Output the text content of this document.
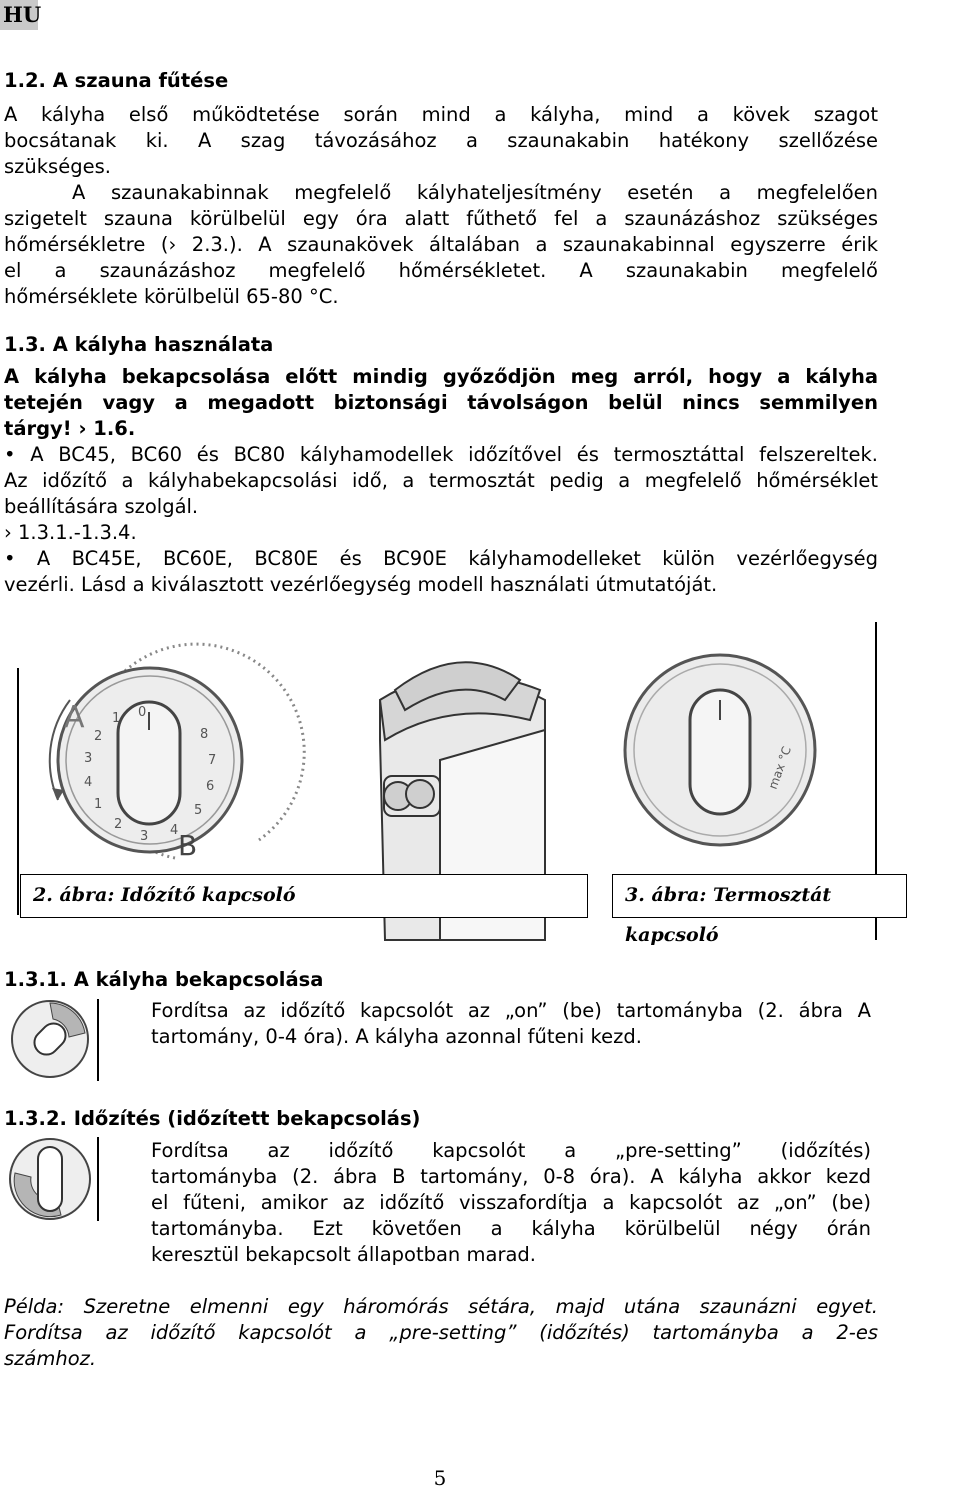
HU
1.2. A szauna fűtése
A kályha első működtetése során mind a kályha, mind a kövek szagot
bocsátanak ki. A szag távozásához a szaunakabin hatékony szellőzése
szükséges.
A szaunakabinnak megfelelő kályhateljesítmény esetén a megfelelően
szigetelt szauna körülbelül egy óra alatt fűthető fel a szaunázáshoz szükséges
hőmérsékletre (› 2.3.). A szaunakövek általában a szaunakabinnal egyszerre érik
el a szaunázáshoz megfelelő hőmérsékletet. A szaunakabin megfelelő
hőmérséklete körülbelül 65-80 °C.
1.3. A kályha használata
A kályha bekapcsolása előtt mindig győződjön meg arról, hogy a kályha
tetején vagy a megadott biztonsági távolságon belül nincs semmilyen
tárgy! › 1.6.
• A BC45, BC60 és BC80 kályhamodellek időzítővel és termosztáttal felszereltek.
Az időzítő a kályhabekapcsolási idő, a termosztát pedig a megfelelő hőmérséklet
beállítására szolgál.
› 1.3.1.-1.3.4.
• A BC45E, BC60E, BC80E és BC90E kályhamodelleket külön vezérlőegység
vezérli. Lásd a kiválasztott vezérlőegység modell használati útmutatóját.
A
B
0
1
2
3
4
1
2
3 4
5
6
7
8
max °C
2. ábra: Időzítő kapcsoló	3. ábra: Termosztát kapcsoló
1.3.1. A kályha bekapcsolása
Fordítsa az időzítő kapcsolót az „on” (be) tartományba (2. ábra A
tartomány, 0-4 óra). A kályha azonnal fűteni kezd.
1.3.2. Időzítés (időzített bekapcsolás)
Fordítsa az időzítő kapcsolót a „pre-setting” (időzítés)
tartományba (2. ábra B tartomány, 0-8 óra). A kályha akkor kezd
el fűteni, amikor az időzítő visszafordítja a kapcsolót az „on” (be)
tartományba. Ezt követően a kályha körülbelül négy órán
keresztül bekapcsolt állapotban marad.
Példa: Szeretne elmenni egy háromórás sétára, majd utána szaunázni egyet.
Fordítsa az időzítő kapcsolót a „pre-setting” (időzítés) tartományba a 2-es
számhoz.
5
